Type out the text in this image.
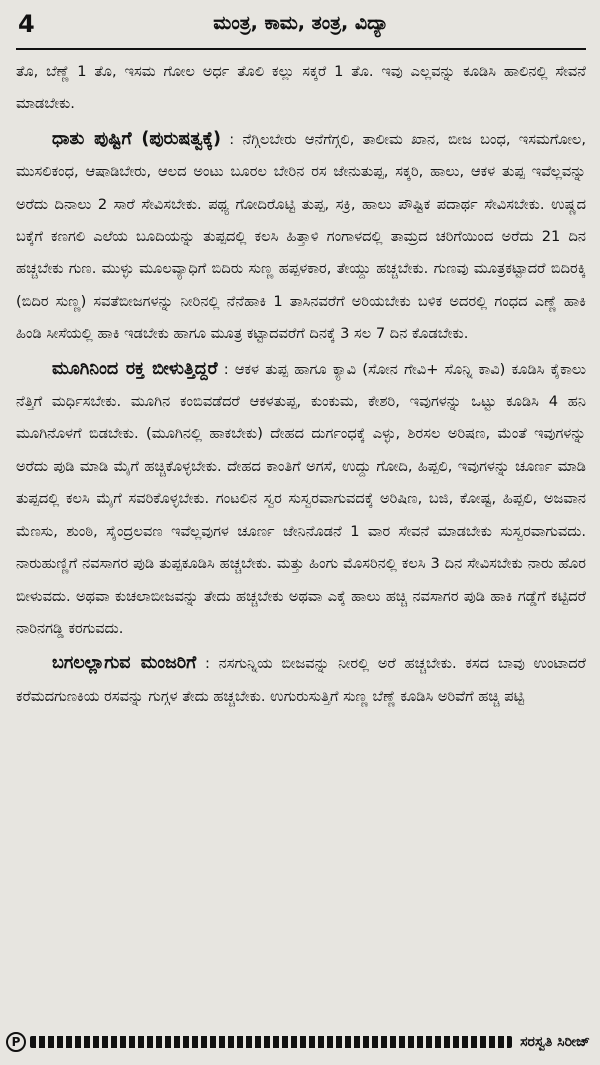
4	ಮಂತ್ರ, ಕಾಮ, ತಂತ್ರ, ವಿದ್ಯಾ

ತೊ, ಬೆಣ್ಣೆ 1 ತೊ, ಇಸಮ ಗೋಲ ಅರ್ಧ ತೊಲಿ ಕಲ್ಲು ಸಕ್ಕರೆ 1 ತೊ. ಇವು ಎಲ್ಲವನ್ನು ಕೂಡಿಸಿ ಹಾಲಿನಲ್ಲಿ ಸೇವನೆ ಮಾಡಬೇಕು.

ಧಾತು ಪುಷ್ಟಿಗೆ (ಪುರುಷತ್ವಕ್ಕೆ) : ನೆಗ್ಗಿಲಬೇರು ಆನೆಗೆಗ್ಗಲಿ, ತಾಲೀಮ ಖಾನ, ಬೀಜ ಬಂಧ, ಇಸಮಗೋಲ, ಮುಸಲಿಕಂಧ, ಆಷಾಡಿಬೇರು, ಆಲದ ಅಂಟು ಬೂರಲ ಬೇರಿನ ರಸ ಜೇನುತುಪ್ಪ, ಸಕ್ಕರಿ, ಹಾಲು, ಆಕಳ ತುಪ್ಪ ಇವೆಲ್ಲವನ್ನು ಅರೆದು ದಿನಾಲು 2 ಸಾರೆ ಸೇವಿಸಬೇಕು. ಪಥ್ಯ ಗೋದಿರೊಟ್ಟಿ ತುಪ್ಪ, ಸಕ್ರಿ, ಹಾಲು ಪೌಷ್ಟಿಕ ಪದಾರ್ಥ ಸೇವಿಸಬೇಕು. ಉಷ್ಣದ ಬಕ್ಕೆಗೆ ಕಣಗಲಿ ಎಲೆಯ ಬೂದಿಯನ್ನು ತುಪ್ಪದಲ್ಲಿ ಕಲಸಿ ಹಿತ್ತಾಳಿ ಗಂಗಾಳದಲ್ಲಿ ತಾಮ್ರದ ಚರಿಗೆಯಿಂದ ಅರೆದು 21 ದಿನ ಹಚ್ಚಬೇಕು ಗುಣ. ಮುಳ್ಳು ಮೂಲವ್ಯಾಧಿಗೆ ಬಿದಿರು ಸುಣ್ಣ ಹಪ್ಪಳಕಾರ, ತೇಯ್ದು ಹಚ್ಚಬೇಕು. ಗುಣವು ಮೂತ್ರಕಟ್ಟಾದರೆ ಬಿದಿರಕ್ಕಿ (ಬಿದಿರ ಸುಣ್ಣ) ಸವತೆಬೀಜಗಳನ್ನು ನೀರಿನಲ್ಲಿ ನೆನೆಹಾಕಿ 1 ತಾಸಿನವರೆಗೆ ಅರಿಯಬೇಕು ಬಳಿಕ ಅದರಲ್ಲಿ ಗಂಧದ ಎಣ್ಣೆ ಹಾಕಿ ಹಿಂಡಿ ಸೀಸೆಯಲ್ಲಿ ಹಾಕಿ ಇಡಬೇಕು ಹಾಗೂ ಮೂತ್ರ ಕಟ್ಟಾದವರೆಗೆ ದಿನಕ್ಕೆ 3 ಸಲ 7 ದಿನ ಕೊಡಬೇಕು.

ಮೂಗಿನಿಂದ ರಕ್ತ ಬೀಳುತ್ತಿದ್ದರೆ : ಆಕಳ ತುಪ್ಪ ಹಾಗೂ ಕ್ಯಾವಿ (ಸೋನ ಗೇವಿ+ ಸೊನ್ನಿ ಕಾವಿ) ಕೂಡಿಸಿ ಕೈಕಾಲು ನೆತ್ತಿಗೆ ಮರ್ಧಿಸಬೇಕು. ಮೂಗಿನ ಕಂಬಿವಡೆದರೆ ಆಕಳತುಪ್ಪ, ಕುಂಕುಮ, ಕೇಶರಿ, ಇವುಗಳನ್ನು ಒಟ್ಟು ಕೂಡಿಸಿ 4 ಹನಿ ಮೂಗಿನೊಳಗೆ ಬಿಡಬೇಕು. (ಮೂಗಿನಲ್ಲಿ ಹಾಕಬೇಕು) ದೇಹದ ದುರ್ಗಂಧಕ್ಕೆ ಎಳ್ಳು, ಶಿರಸಲ ಅರಿಷಣ, ಮೆಂತೆ ಇವುಗಳನ್ನು ಅರೆದು ಪುಡಿ ಮಾಡಿ ಮೈಗೆ ಹಚ್ಚಿಕೊಳ್ಳಬೇಕು. ದೇಹದ ಕಾಂತಿಗೆ ಅಗಸೆ, ಉದ್ದು ಗೋದಿ, ಹಿಪ್ಪಲಿ, ಇವುಗಳನ್ನು ಚೂರ್ಣ ಮಾಡಿ ತುಪ್ಪದಲ್ಲಿ ಕಲಸಿ ಮೈಗೆ ಸವರಿಕೊಳ್ಳಬೇಕು. ಗಂಟಲಿನ ಸ್ವರ ಸುಸ್ವರವಾಗುವದಕ್ಕೆ ಅರಿಷಿಣ, ಬಜಿ, ಕೋಷ್ಟ, ಹಿಪ್ಪಲಿ, ಅಜವಾನ ಮೆಣಸು, ಶುಂಠಿ, ಸೈಂದ್ರಲವಣ ಇವೆಲ್ಲವುಗಳ ಚೂರ್ಣ ಜೇನಿನೊಡನೆ 1 ವಾರ ಸೇವನೆ ಮಾಡಬೇಕು ಸುಸ್ವರವಾಗುವದು. ನಾರುಹುಣ್ಣಿಗೆ ನವಸಾಗರ ಪುಡಿ ತುಪ್ಪಕೂಡಿಸಿ ಹಚ್ಚಬೇಕು. ಮತ್ತು ಹಿಂಗು ಮೊಸರಿನಲ್ಲಿ ಕಲಸಿ 3 ದಿನ ಸೇವಿಸಬೇಕು ನಾರು ಹೊರ ಬೀಳುವದು. ಅಥವಾ ಕುಚಲಾಬೀಜವನ್ನು ತೇದು ಹಚ್ಚಬೇಕು ಅಥವಾ ಎಕ್ಕೆ ಹಾಲು ಹಚ್ಚಿ ನವಸಾಗರ ಪುಡಿ ಹಾಕಿ ಗಡ್ಡೆಗೆ ಕಟ್ಟಿದರೆ ನಾರಿನಗಡ್ಡಿ ಕರಗುವದು.

ಬಗಲಲ್ಲಾಗುವ ಮಂಜರಿಗೆ : ನಸಗುನ್ನಿಯ ಬೀಜವನ್ನು ನೀರಲ್ಲಿ ಅರೆ ಹಚ್ಚಬೇಕು. ಕಸದ ಬಾವು ಉಂಟಾದರೆ ಕರೆಮದಗುಣಕಿಯ ರಸವನ್ನು ಗುಗ್ಗಳ ತೇದು ಹಚ್ಚಬೇಕು. ಉಗುರುಸುತ್ತಿಗೆ ಸುಣ್ಣ ಬೆಣ್ಣೆ ಕೂಡಿಸಿ ಅರಿವೆಗೆ ಹಚ್ಚಿ ಪಟ್ಟಿ

P	ಸರಸ್ವತಿ ಸಿರೀಜ್
